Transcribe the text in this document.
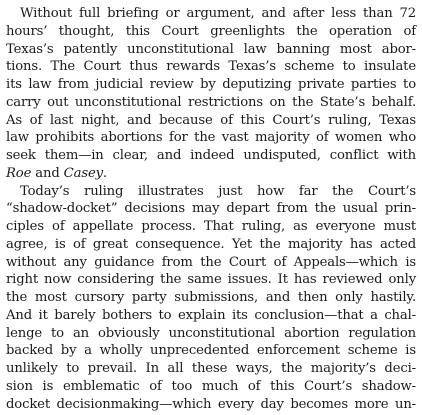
Without full briefing or argument, and after less than 72
hours’ thought, this Court greenlights the operation of
Texas’s patently unconstitutional law banning most abor-
tions. The Court thus rewards Texas’s scheme to insulate
its law from judicial review by deputizing private parties to
carry out unconstitutional restrictions on the State’s behalf.
As of last night, and because of this Court’s ruling, Texas
law prohibits abortions for the vast majority of women who
seek them—in clear, and indeed undisputed, conflict with
Roe and Casey.
Today’s ruling illustrates just how far the Court’s
“shadow-docket” decisions may depart from the usual prin-
ciples of appellate process. That ruling, as everyone must
agree, is of great consequence. Yet the majority has acted
without any guidance from the Court of Appeals—which is
right now considering the same issues. It has reviewed only
the most cursory party submissions, and then only hastily.
And it barely bothers to explain its conclusion—that a chal-
lenge to an obviously unconstitutional abortion regulation
backed by a wholly unprecedented enforcement scheme is
unlikely to prevail. In all these ways, the majority’s deci-
sion is emblematic of too much of this Court’s shadow-
docket decisionmaking—which every day becomes more un-
